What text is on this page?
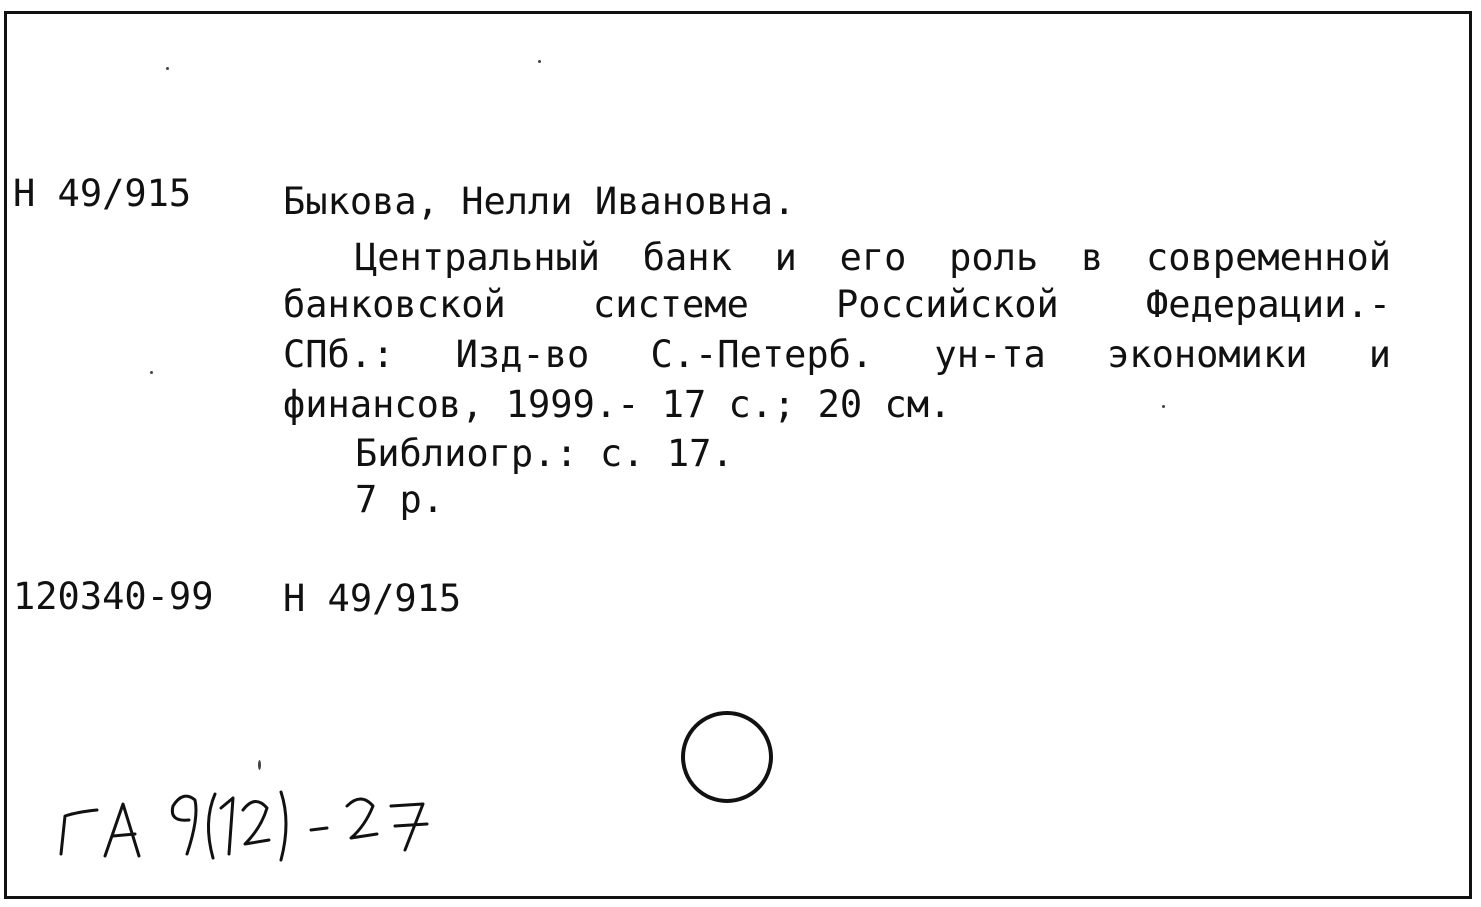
Н 49/915 Быкова, Нелли Ивановна.
Центральный банк и его роль в современной
банковской системе Российской Федерации.-
СПб.: Изд-во С.-Петерб. ун-та экономики и
финансов, 1999.- 17 с.; 20 см.
Библиогр.: с. 17.
7 р.
120340-99 Н 49/915
